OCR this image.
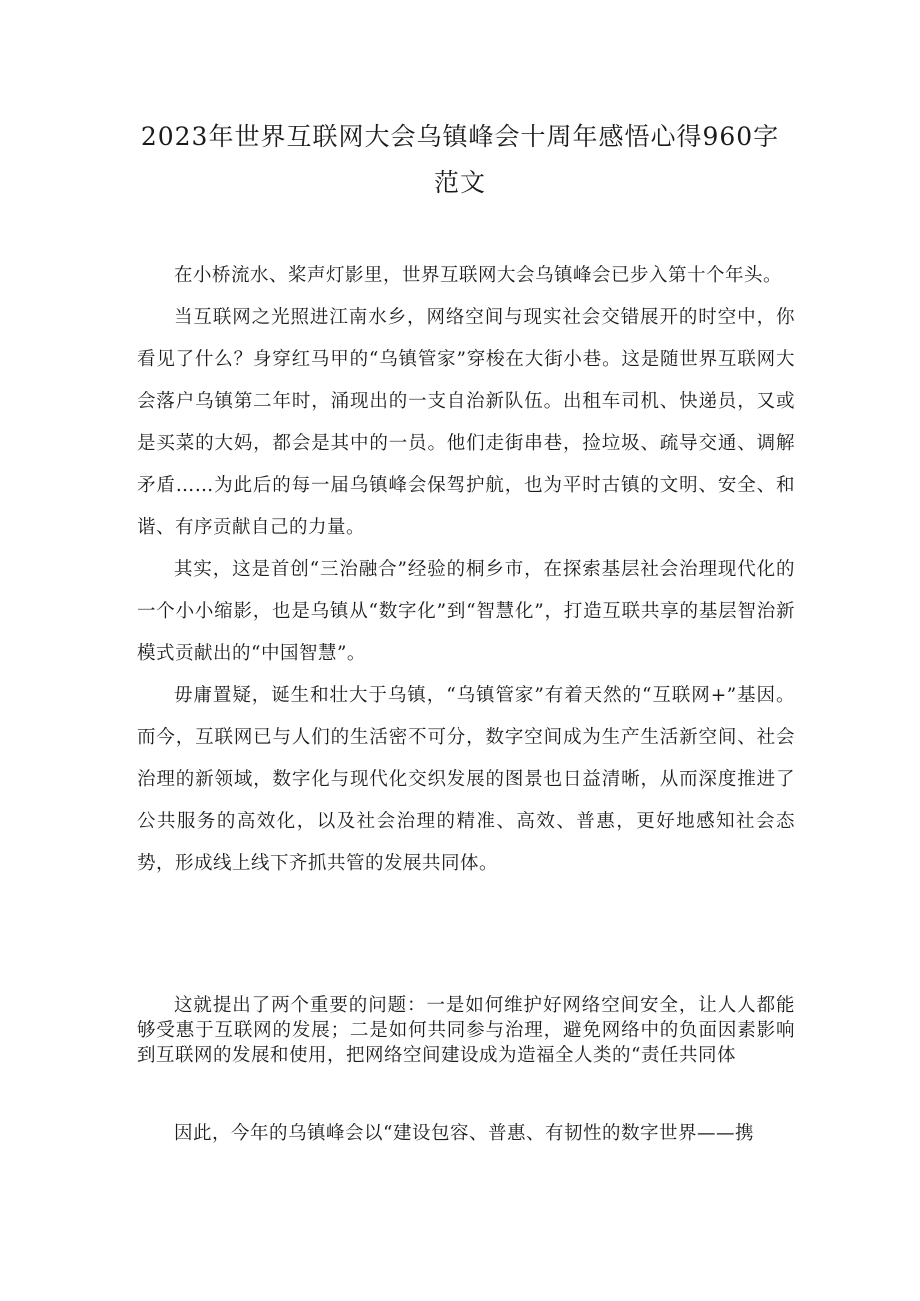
2023年世界互联网大会乌镇峰会十周年感悟心得960字范文

在小桥流水、桨声灯影里，世界互联网大会乌镇峰会已步入第十个年头。

当互联网之光照进江南水乡，网络空间与现实社会交错展开的时空中，你看见了什么？身穿红马甲的“乌镇管家”穿梭在大街小巷。这是随世界互联网大会落户乌镇第二年时，涌现出的一支自治新队伍。出租车司机、快递员，又或是买菜的大妈，都会是其中的一员。他们走街串巷，捡垃圾、疏导交通、调解矛盾……为此后的每一届乌镇峰会保驾护航，也为平时古镇的文明、安全、和谐、有序贡献自己的力量。

其实，这是首创“三治融合”经验的桐乡市，在探索基层社会治理现代化的一个小小缩影，也是乌镇从“数字化”到“智慧化”，打造互联共享的基层智治新模式贡献出的“中国智慧”。

毋庸置疑，诞生和壮大于乌镇，“乌镇管家”有着天然的“互联网+”基因。而今，互联网已与人们的生活密不可分，数字空间成为生产生活新空间、社会治理的新领域，数字化与现代化交织发展的图景也日益清晰，从而深度推进了公共服务的高效化，以及社会治理的精准、高效、普惠，更好地感知社会态势，形成线上线下齐抓共管的发展共同体。

这就提出了两个重要的问题：一是如何维护好网络空间安全，让人人都能够受惠于互联网的发展；二是如何共同参与治理，避免网络中的负面因素影响到互联网的发展和使用，把网络空间建设成为造福全人类的“责任共同体

因此，今年的乌镇峰会以“建设包容、普惠、有韧性的数字世界——携
